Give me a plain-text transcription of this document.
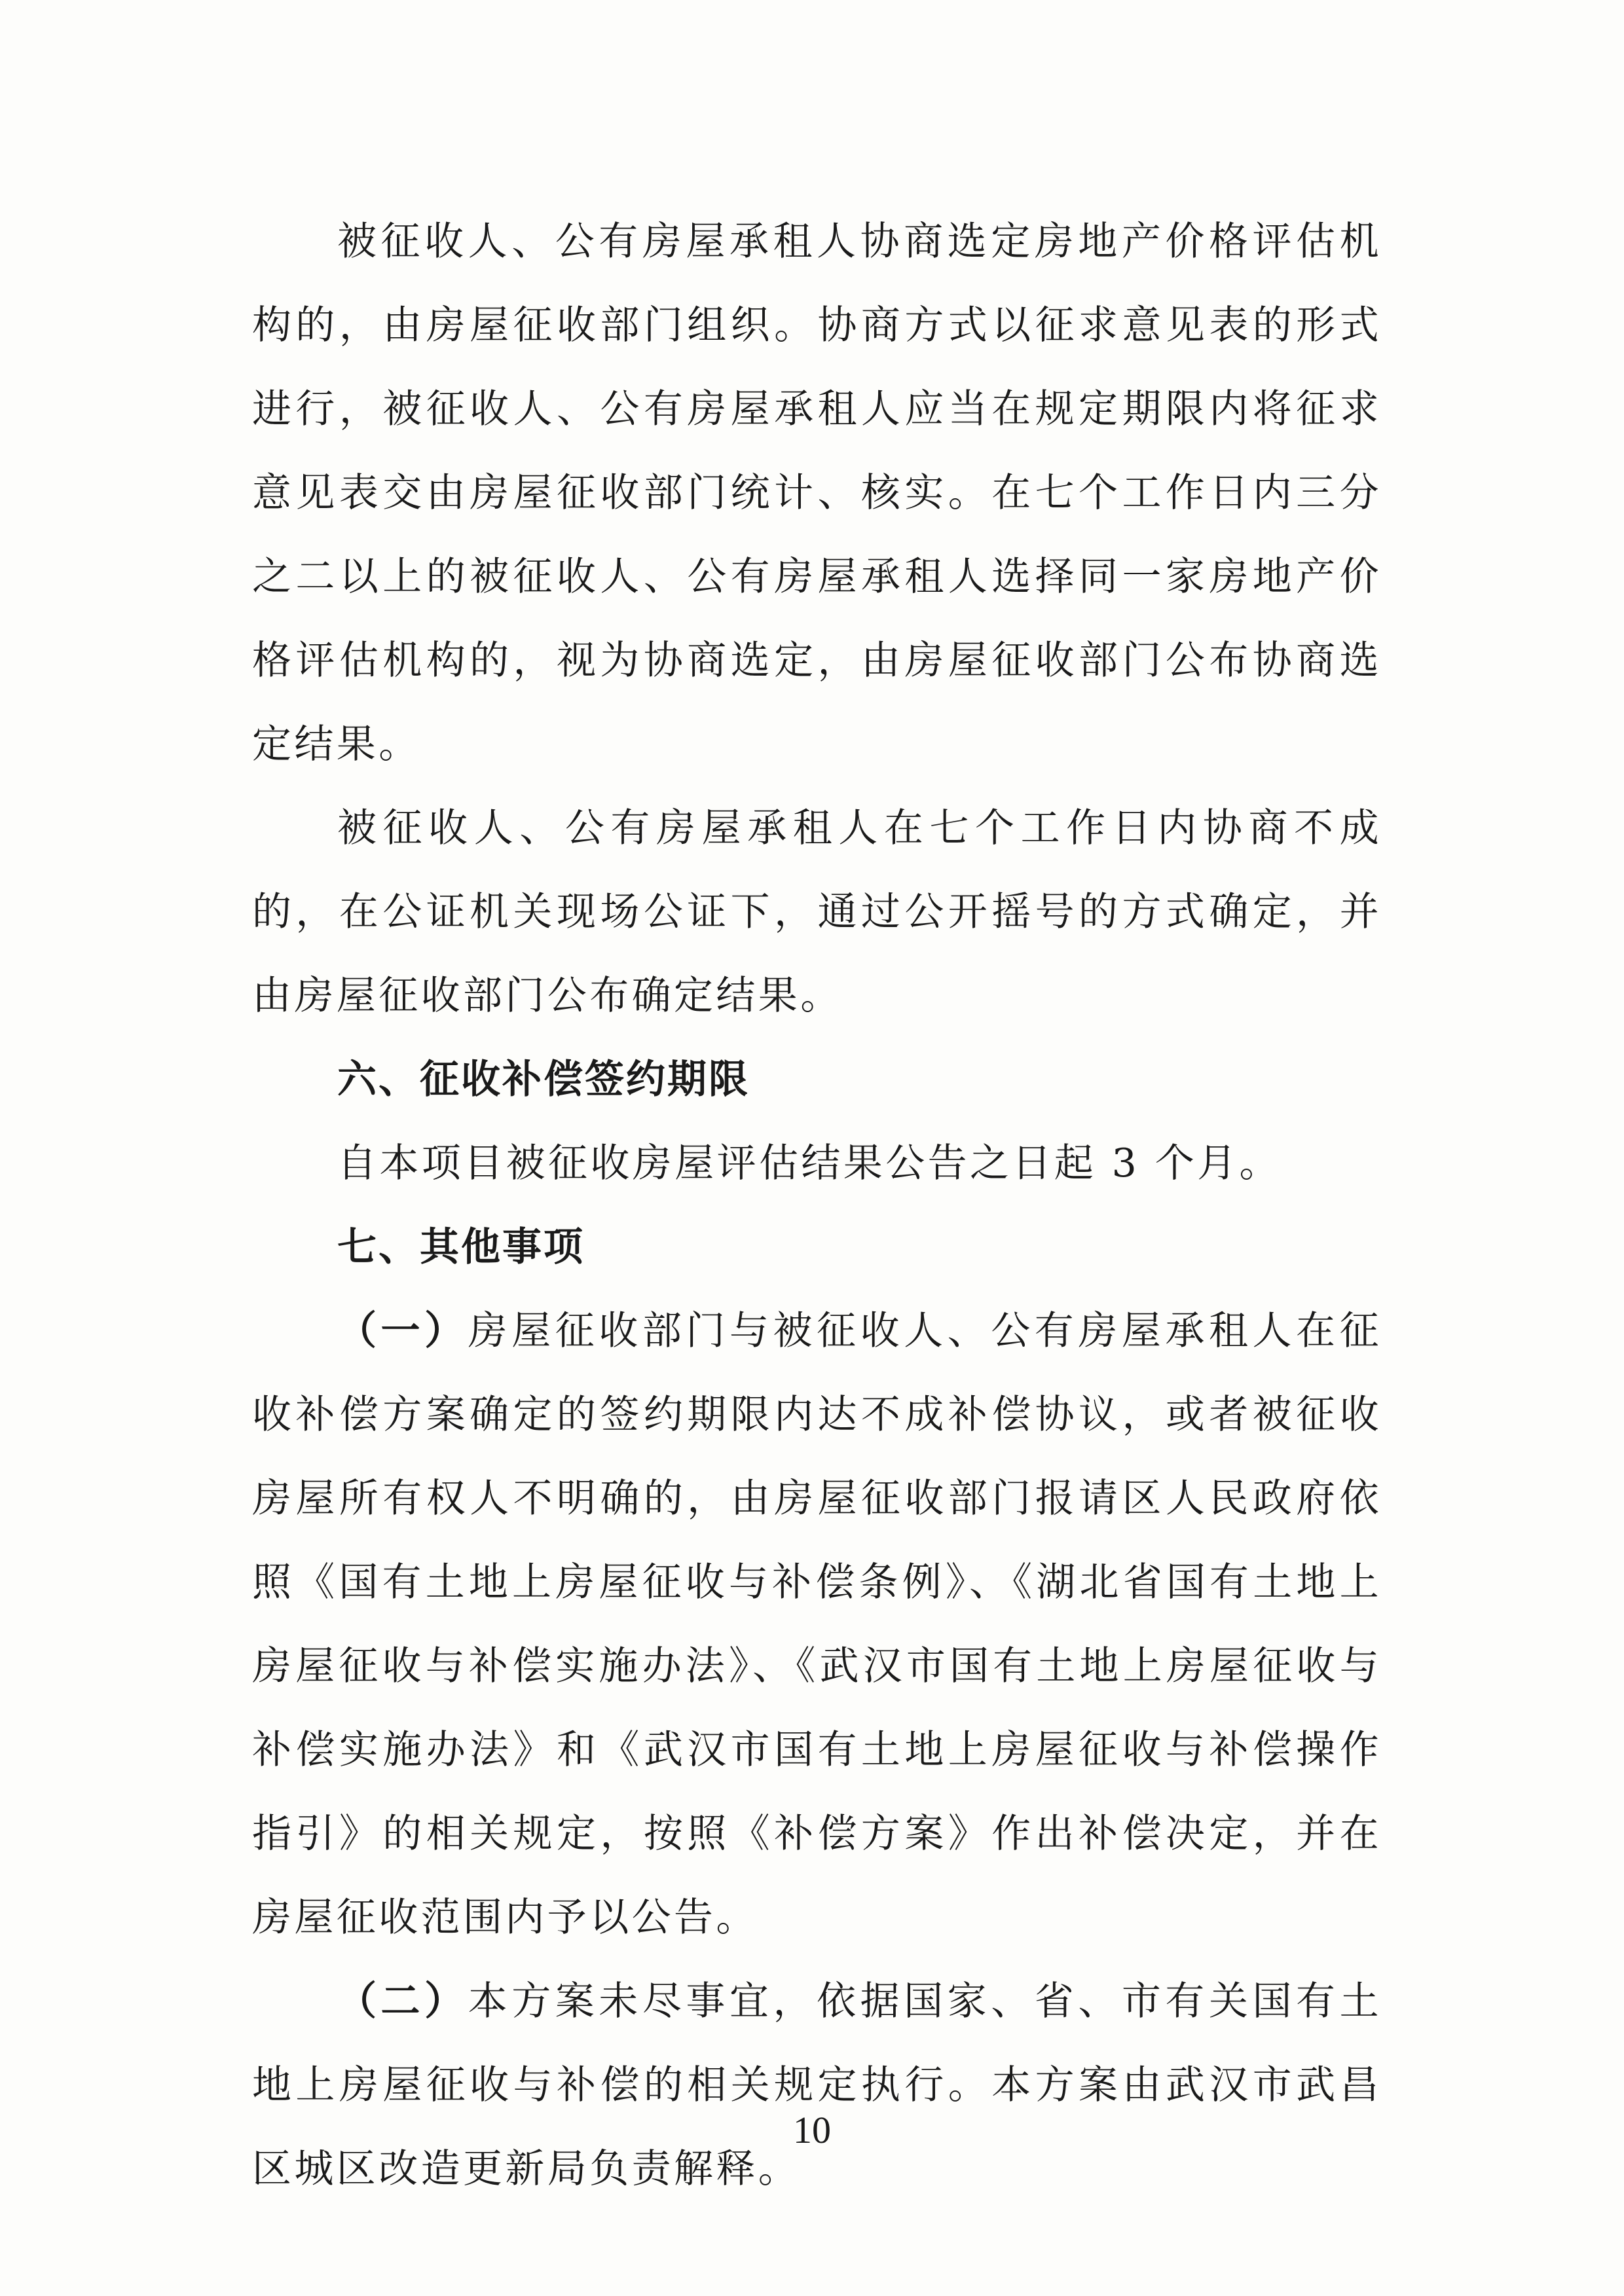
被征收人、公有房屋承租人协商选定房地产价格评估机构的，由房屋征收部门组织。协商方式以征求意见表的形式进行，被征收人、公有房屋承租人应当在规定期限内将征求意见表交由房屋征收部门统计、核实。在七个工作日内三分之二以上的被征收人、公有房屋承租人选择同一家房地产价格评估机构的，视为协商选定，由房屋征收部门公布协商选定结果。

被征收人、公有房屋承租人在七个工作日内协商不成的，在公证机关现场公证下，通过公开摇号的方式确定，并由房屋征收部门公布确定结果。

六、征收补偿签约期限

自本项目被征收房屋评估结果公告之日起 3 个月。

七、其他事项

（一）房屋征收部门与被征收人、公有房屋承租人在征收补偿方案确定的签约期限内达不成补偿协议，或者被征收房屋所有权人不明确的，由房屋征收部门报请区人民政府依照《国有土地上房屋征收与补偿条例》、《湖北省国有土地上房屋征收与补偿实施办法》、《武汉市国有土地上房屋征收与补偿实施办法》和《武汉市国有土地上房屋征收与补偿操作指引》的相关规定，按照《补偿方案》作出补偿决定，并在房屋征收范围内予以公告。

（二）本方案未尽事宜，依据国家、省、市有关国有土地上房屋征收与补偿的相关规定执行。本方案由武汉市武昌区城区改造更新局负责解释。

10
